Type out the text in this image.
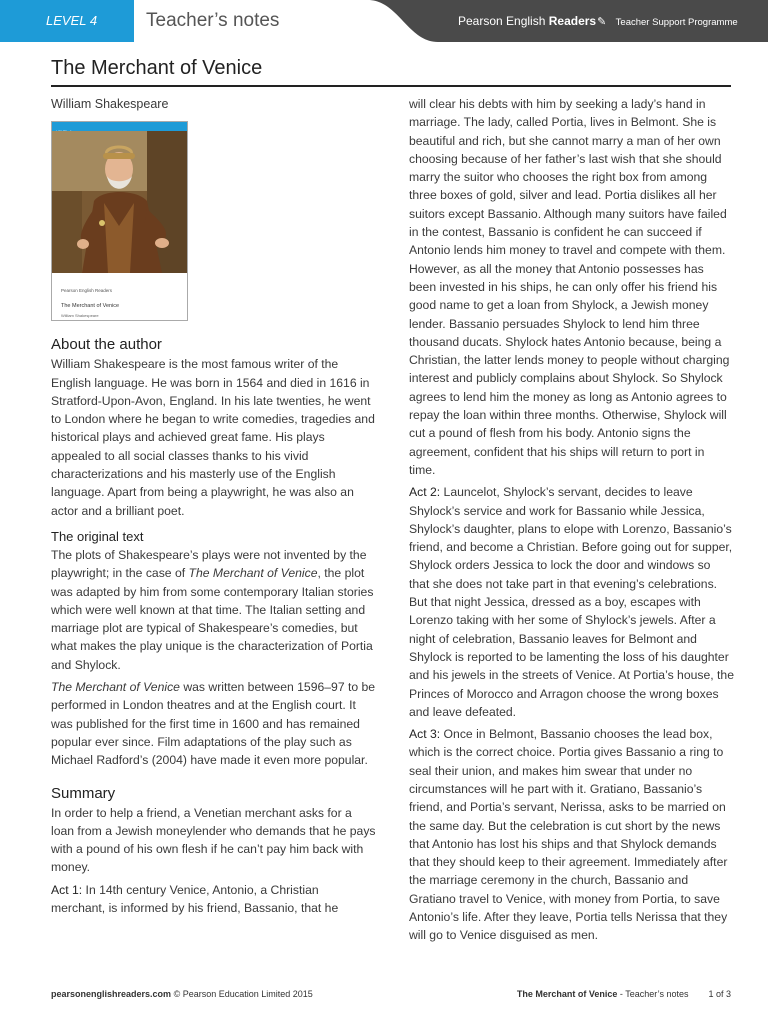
LEVEL 4	Teacher’s notes	Pearson English Readers✎ Teacher Support Programme
The Merchant of Venice

William Shakespeare

Pearson English Readers
The Merchant of Venice
William Shakespeare
About the author

William Shakespeare is the most famous writer of the English language. He was born in 1564 and died in 1616 in Stratford-Upon-Avon, England. In his late twenties, he went to London where he began to write comedies, tragedies and historical plays and achieved great fame. His plays appealed to all social classes thanks to his vivid characterizations and his masterly use of the English language. Apart from being a playwright, he was also an actor and a brilliant poet.

The original text

The plots of Shakespeare’s plays were not invented by the playwright; in the case of The Merchant of Venice, the plot was adapted by him from some contemporary Italian stories which were well known at that time. The Italian setting and marriage plot are typical of Shakespeare’s comedies, but what makes the play unique is the characterization of Portia and Shylock.

The Merchant of Venice was written between 1596–97 to be performed in London theatres and at the English court. It was published for the first time in 1600 and has remained popular ever since. Film adaptations of the play such as Michael Radford’s (2004) have made it even more popular.

Summary

In order to help a friend, a Venetian merchant asks for a loan from a Jewish moneylender who demands that he pays with a pound of his own flesh if he can’t pay him back with money.

Act 1: In 14th century Venice, Antonio, a Christian merchant, is informed by his friend, Bassanio, that he

will clear his debts with him by seeking a lady’s hand in marriage. The lady, called Portia, lives in Belmont. She is beautiful and rich, but she cannot marry a man of her own choosing because of her father’s last wish that she should marry the suitor who chooses the right box from among three boxes of gold, silver and lead. Portia dislikes all her suitors except Bassanio. Although many suitors have failed in the contest, Bassanio is confident he can succeed if Antonio lends him money to travel and compete with them. However, as all the money that Antonio possesses has been invested in his ships, he can only offer his friend his good name to get a loan from Shylock, a Jewish money lender. Bassanio persuades Shylock to lend him three thousand ducats. Shylock hates Antonio because, being a Christian, the latter lends money to people without charging interest and publicly complains about Shylock. So Shylock agrees to lend him the money as long as Antonio agrees to repay the loan within three months. Otherwise, Shylock will cut a pound of flesh from his body. Antonio signs the agreement, confident that his ships will return to port in time.

Act 2: Launcelot, Shylock’s servant, decides to leave Shylock’s service and work for Bassanio while Jessica, Shylock’s daughter, plans to elope with Lorenzo, Bassanio’s friend, and become a Christian. Before going out for supper, Shylock orders Jessica to lock the door and windows so that she does not take part in that evening’s celebrations. But that night Jessica, dressed as a boy, escapes with Lorenzo taking with her some of Shylock’s jewels. After a night of celebration, Bassanio leaves for Belmont and Shylock is reported to be lamenting the loss of his daughter and his jewels in the streets of Venice. At Portia’s house, the Princes of Morocco and Arragon choose the wrong boxes and leave defeated.

Act 3: Once in Belmont, Bassanio chooses the lead box, which is the correct choice. Portia gives Bassanio a ring to seal their union, and makes him swear that under no circumstances will he part with it. Gratiano, Bassanio’s friend, and Portia’s servant, Nerissa, asks to be married on the same day. But the celebration is cut short by the news that Antonio has lost his ships and that Shylock demands that they should keep to their agreement. Immediately after the marriage ceremony in the church, Bassanio and Gratiano travel to Venice, with money from Portia, to save Antonio’s life. After they leave, Portia tells Nerissa that they will go to Venice disguised as men.

pearsonenglishreaders.com © Pearson Education Limited 2015	The Merchant of Venice - Teacher’s notes 1 of 3
